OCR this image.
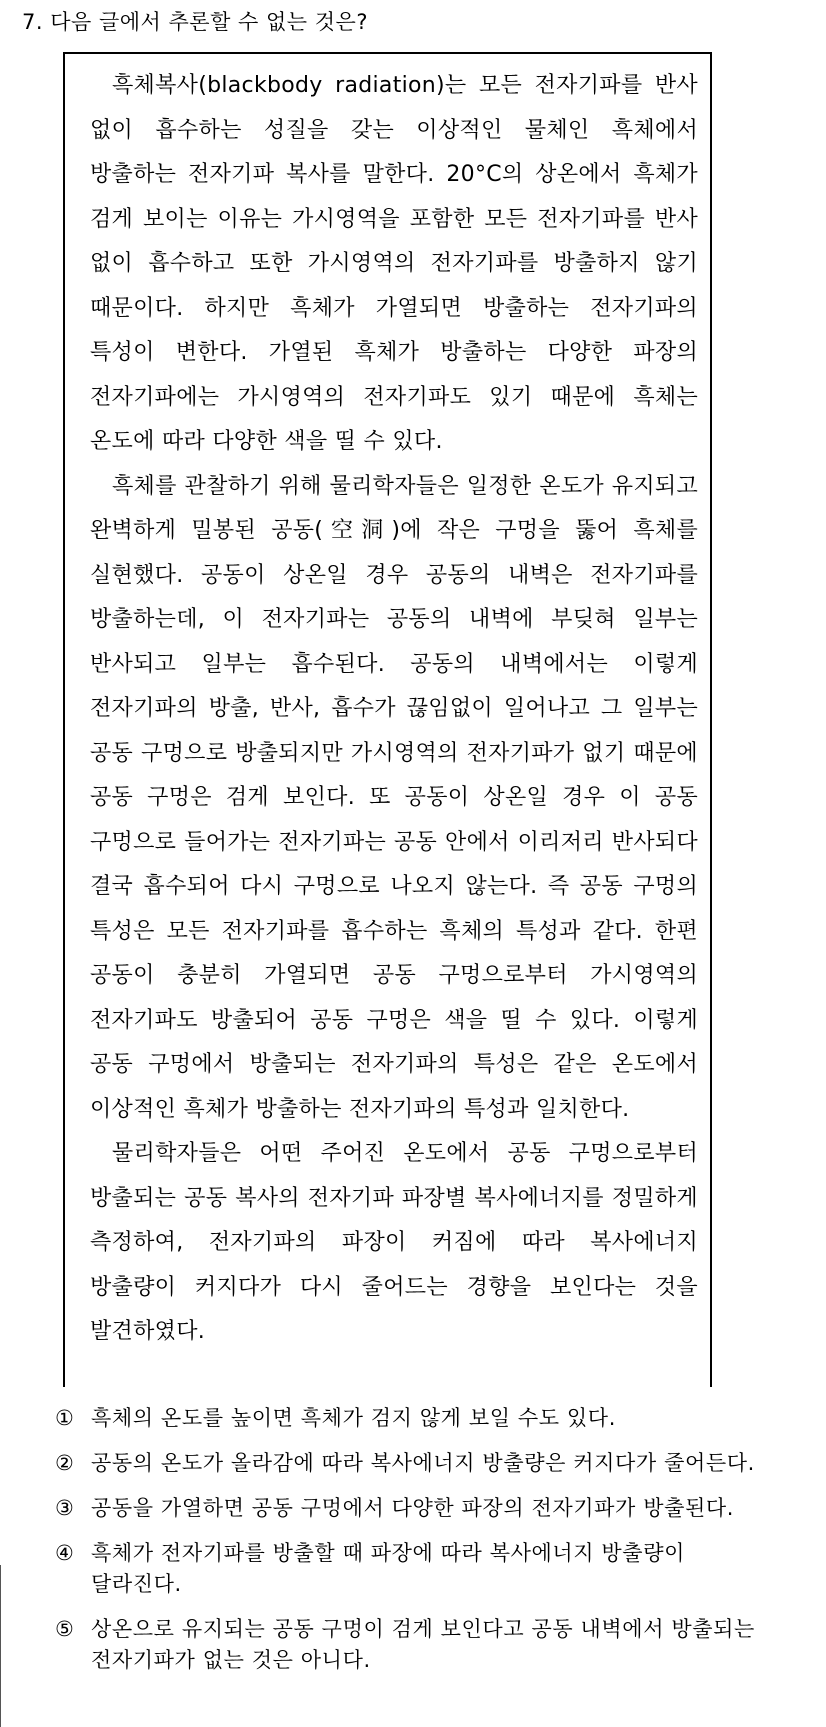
7. 다음 글에서 추론할 수 없는 것은?

흑체복사(blackbody radiation)는 모든 전자기파를 반사 없이 흡수하는 성질을 갖는 이상적인 물체인 흑체에서 방출하는 전자기파 복사를 말한다. 20°C의 상온에서 흑체가 검게 보이는 이유는 가시영역을 포함한 모든 전자기파를 반사 없이 흡수하고 또한 가시영역의 전자기파를 방출하지 않기 때문이다. 하지만 흑체가 가열되면 방출하는 전자기파의 특성이 변한다. 가열된 흑체가 방출하는 다양한 파장의 전자기파에는 가시영역의 전자기파도 있기 때문에 흑체는 온도에 따라 다양한 색을 띨 수 있다.

흑체를 관찰하기 위해 물리학자들은 일정한 온도가 유지되고 완벽하게 밀봉된 공동(空洞)에 작은 구멍을 뚫어 흑체를 실현했다. 공동이 상온일 경우 공동의 내벽은 전자기파를 방출하는데, 이 전자기파는 공동의 내벽에 부딪혀 일부는 반사되고 일부는 흡수된다. 공동의 내벽에서는 이렇게 전자기파의 방출, 반사, 흡수가 끊임없이 일어나고 그 일부는 공동 구멍으로 방출되지만 가시영역의 전자기파가 없기 때문에 공동 구멍은 검게 보인다. 또 공동이 상온일 경우 이 공동 구멍으로 들어가는 전자기파는 공동 안에서 이리저리 반사되다 결국 흡수되어 다시 구멍으로 나오지 않는다. 즉 공동 구멍의 특성은 모든 전자기파를 흡수하는 흑체의 특성과 같다. 한편 공동이 충분히 가열되면 공동 구멍으로부터 가시영역의 전자기파도 방출되어 공동 구멍은 색을 띨 수 있다. 이렇게 공동 구멍에서 방출되는 전자기파의 특성은 같은 온도에서 이상적인 흑체가 방출하는 전자기파의 특성과 일치한다.

물리학자들은 어떤 주어진 온도에서 공동 구멍으로부터 방출되는 공동 복사의 전자기파 파장별 복사에너지를 정밀하게 측정하여, 전자기파의 파장이 커짐에 따라 복사에너지 방출량이 커지다가 다시 줄어드는 경향을 보인다는 것을 발견하였다.

① 흑체의 온도를 높이면 흑체가 검지 않게 보일 수도 있다.
② 공동의 온도가 올라감에 따라 복사에너지 방출량은 커지다가 줄어든다.
③ 공동을 가열하면 공동 구멍에서 다양한 파장의 전자기파가 방출된다.
④ 흑체가 전자기파를 방출할 때 파장에 따라 복사에너지 방출량이 달라진다.
⑤ 상온으로 유지되는 공동 구멍이 검게 보인다고 공동 내벽에서 방출되는 전자기파가 없는 것은 아니다.
